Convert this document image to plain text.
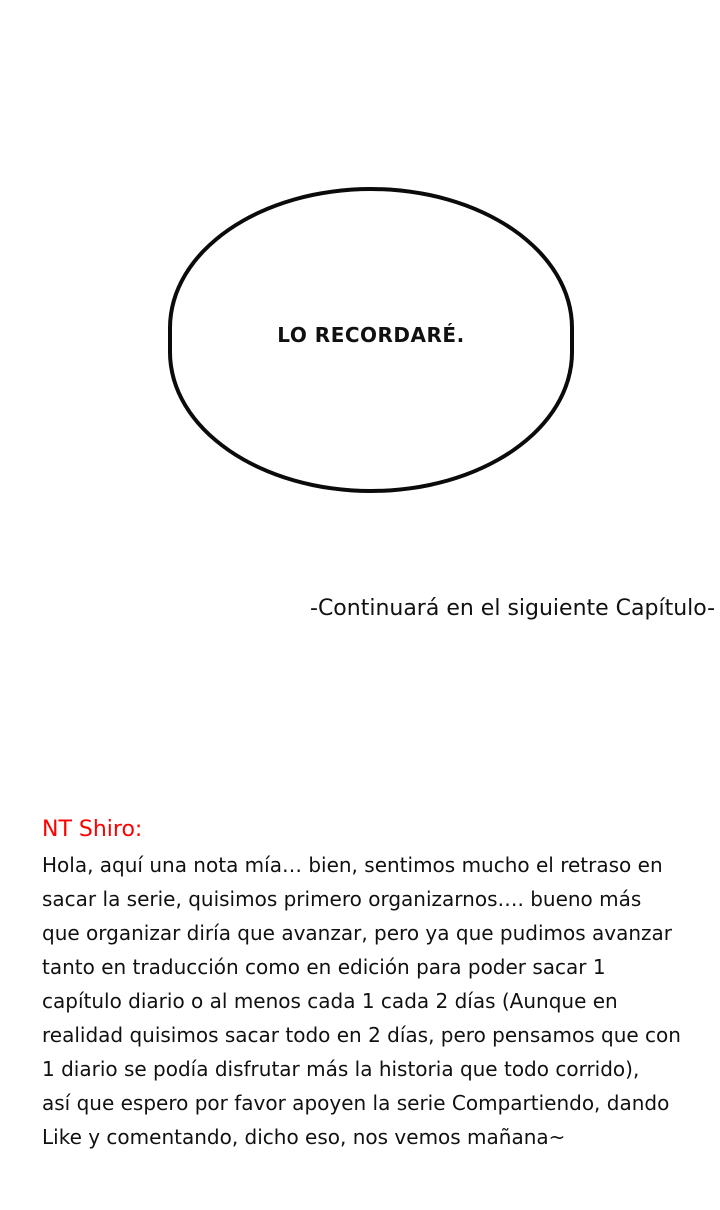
LO RECORDARÉ.
-Continuará en el siguiente Capítulo-

NT Shiro:

Hola, aquí una nota mía… bien, sentimos mucho el retraso en
sacar la serie, quisimos primero organizarnos…. bueno más
que organizar diría que avanzar, pero ya que pudimos avanzar
tanto en traducción como en edición para poder sacar 1
capítulo diario o al menos cada 1 cada 2 días (Aunque en
realidad quisimos sacar todo en 2 días, pero pensamos que con
1 diario se podía disfrutar más la historia que todo corrido),
así que espero por favor apoyen la serie Compartiendo, dando
Like y comentando, dicho eso, nos vemos mañana~
